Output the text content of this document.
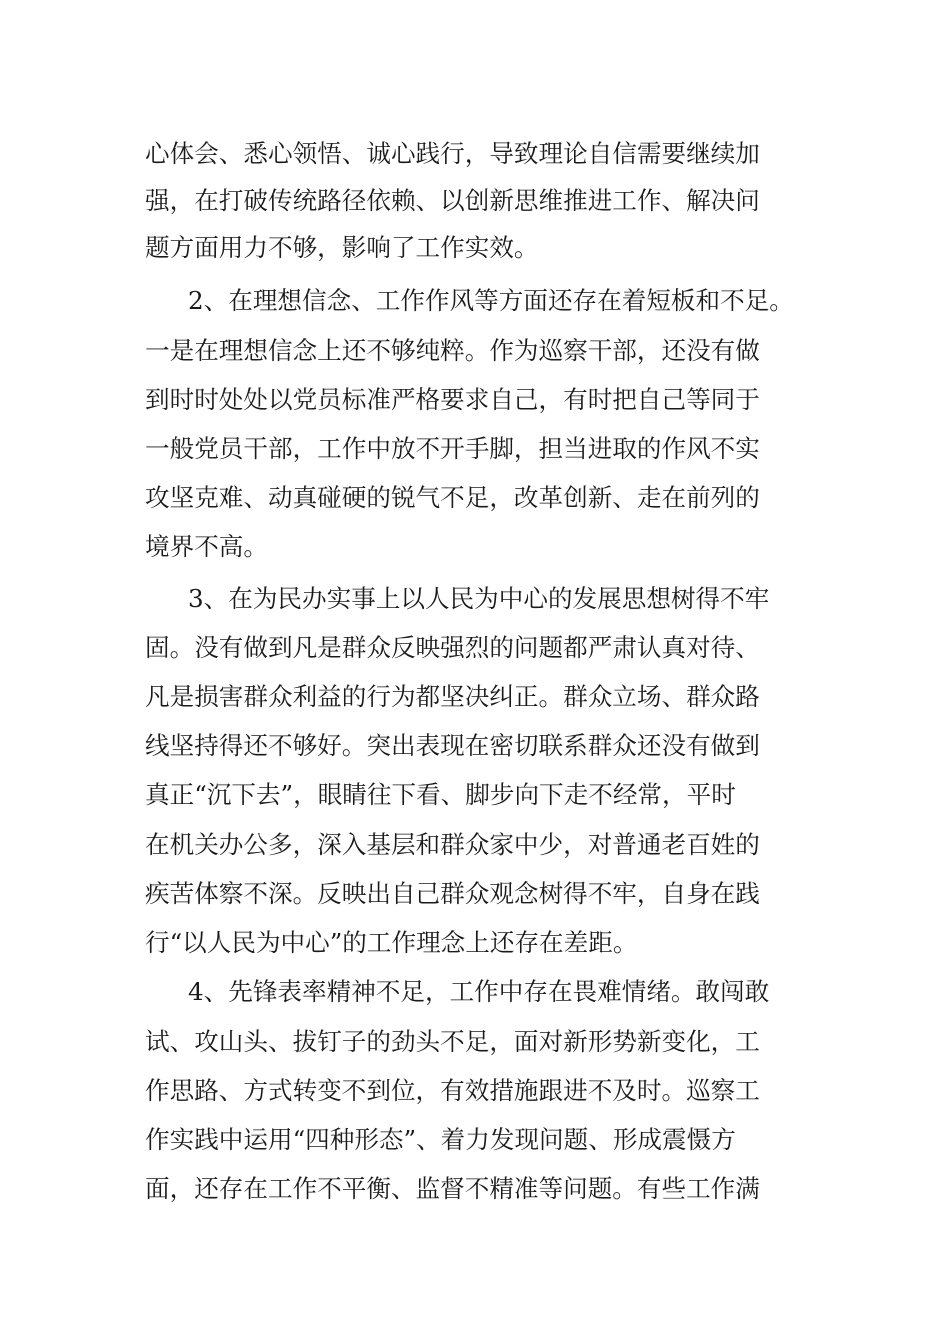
心体会、悉心领悟、诚心践行，导致理论自信需要继续加
强，在打破传统路径依赖、以创新思维推进工作、解决问
题方面用力不够，影响了工作实效。
2、在理想信念、工作作风等方面还存在着短板和不足。
一是在理想信念上还不够纯粹。作为巡察干部，还没有做
到时时处处以党员标准严格要求自己，有时把自己等同于
一般党员干部，工作中放不开手脚，担当进取的作风不实
攻坚克难、动真碰硬的锐气不足，改革创新、走在前列的
境界不高。
3、在为民办实事上以人民为中心的发展思想树得不牢
固。没有做到凡是群众反映强烈的问题都严肃认真对待、
凡是损害群众利益的行为都坚决纠正。群众立场、群众路
线坚持得还不够好。突出表现在密切联系群众还没有做到
真正“沉下去”，眼睛往下看、脚步向下走不经常，平时
在机关办公多，深入基层和群众家中少，对普通老百姓的
疾苦体察不深。反映出自己群众观念树得不牢，自身在践
行“以人民为中心”的工作理念上还存在差距。
4、先锋表率精神不足，工作中存在畏难情绪。敢闯敢
试、攻山头、拔钉子的劲头不足，面对新形势新变化，工
作思路、方式转变不到位，有效措施跟进不及时。巡察工
作实践中运用“四种形态”、着力发现问题、形成震慑方
面，还存在工作不平衡、监督不精准等问题。有些工作满
